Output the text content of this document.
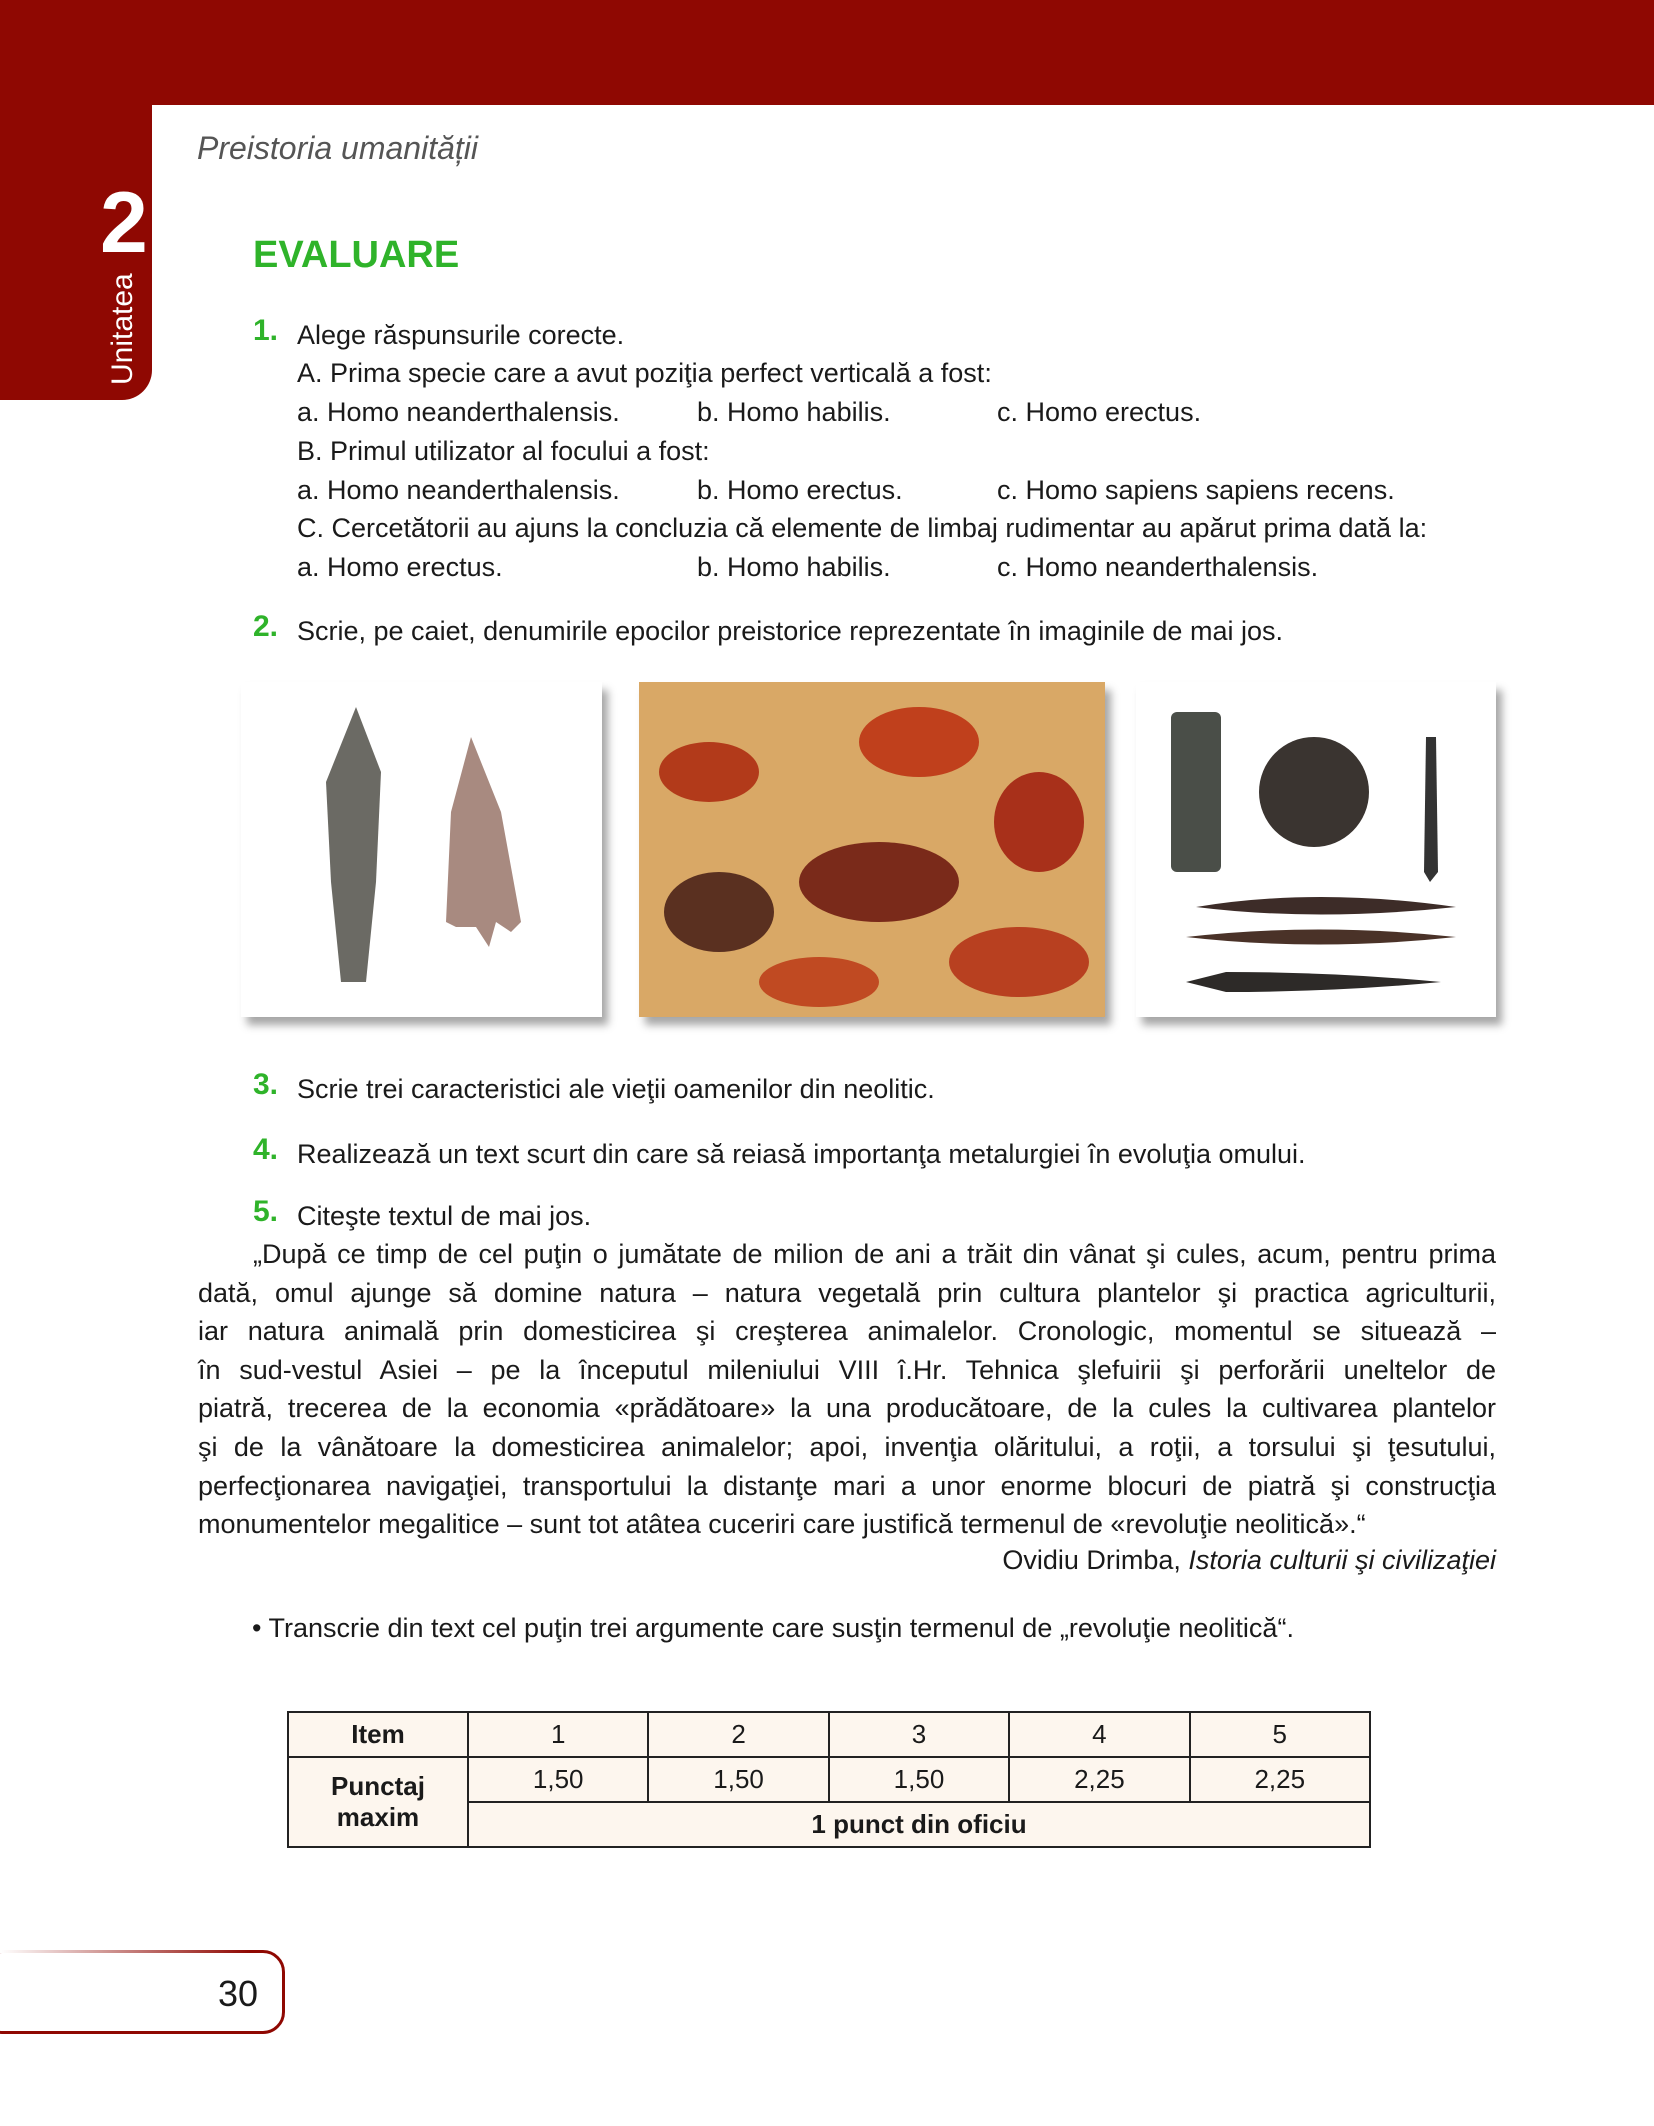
2
Unitatea
Preistoria umanității
EVALUARE
1. Alege răspunsurile corecte.
A. Prima specie care a avut poziţia perfect verticală a fost:
a. Homo neanderthalensis.	b. Homo habilis.	c. Homo erectus.
B. Primul utilizator al focului a fost:
a. Homo neanderthalensis.	b. Homo erectus.	c. Homo sapiens sapiens recens.
C. Cercetătorii au ajuns la concluzia că elemente de limbaj rudimentar au apărut prima dată la:
a. Homo erectus.	b. Homo habilis.	c. Homo neanderthalensis.
2. Scrie, pe caiet, denumirile epocilor preistorice reprezentate în imaginile de mai jos.
3. Scrie trei caracteristici ale vieţii oamenilor din neolitic.
4. Realizează un text scurt din care să reiasă importanţa metalurgiei în evoluţia omului.
5. Citeşte textul de mai jos.
„După ce timp de cel puţin o jumătate de milion de ani a trăit din vânat şi cules, acum, pentru prima
dată, omul ajunge să domine natura – natura vegetală prin cultura plantelor şi practica agriculturii,
iar natura animală prin domesticirea şi creşterea animalelor. Cronologic, momentul se situează –
în sud-vestul Asiei – pe la începutul mileniului VIII î.Hr. Tehnica şlefuirii şi perforării uneltelor de
piatră, trecerea de la economia «prădătoare» la una producătoare, de la cules la cultivarea plantelor
şi de la vânătoare la domesticirea animalelor; apoi, invenţia olăritului, a roţii, a torsului şi ţesutului,
perfecţionarea navigaţiei, transportului la distanţe mari a unor enorme blocuri de piatră şi construcţia
monumentelor megalitice – sunt tot atâtea cuceriri care justifică termenul de «revoluţie neolitică».“
Ovidiu Drimba, Istoria culturii şi civilizaţiei
• Transcrie din text cel puţin trei argumente care susţin termenul de „revoluţie neolitică“.
Item	1	2	3	4	5
Punctaj
maxim	1,50	1,50	1,50	2,25	2,25
	1 punct din oficiu				
30
